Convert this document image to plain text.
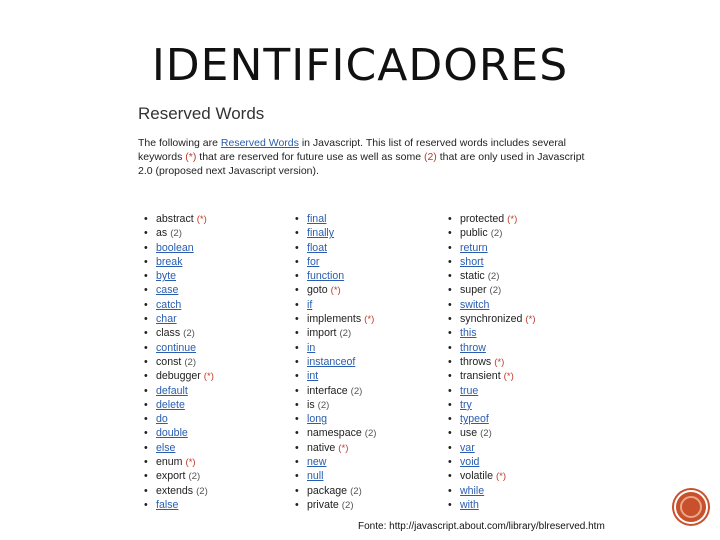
IDENTIFICADORES
Reserved Words
The following are Reserved Words in Javascript. This list of reserved words includes several keywords (*) that are reserved for future use as well as some (2) that are only used in Javascript 2.0 (proposed next Javascript version).
• abstract (*)
• as (2)
• boolean
• break
• byte
• case
• catch
• char
• class (2)
• continue
• const (2)
• debugger (*)
• default
• delete
• do
• double
• else
• enum (*)
• export (2)
• extends (2)
• false
• final
• finally
• float
• for
• function
• goto (*)
• if
• implements (*)
• import (2)
• in
• instanceof
• int
• interface (2)
• is (2)
• long
• namespace (2)
• native (*)
• new
• null
• package (2)
• private (2)
• protected (*)
• public (2)
• return
• short
• static (2)
• super (2)
• switch
• synchronized (*)
• this
• throw
• throws (*)
• transient (*)
• true
• try
• typeof
• use (2)
• var
• void
• volatile (*)
• while
• with
Fonte: http://javascript.about.com/library/blreserved.htm
